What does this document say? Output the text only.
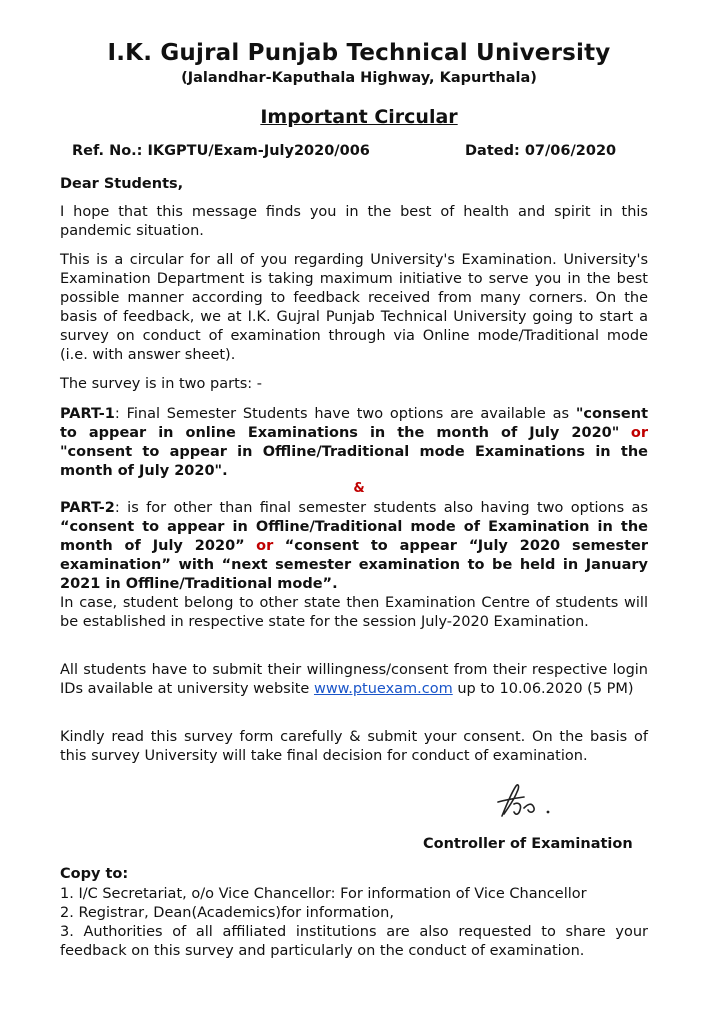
I.K. Gujral Punjab Technical University
(Jalandhar-Kaputhala Highway, Kapurthala)
Important Circular
Ref. No.: IKGPTU/Exam-July2020/006	Dated: 07/06/2020
Dear Students,
I hope that this message finds you in the best of health and spirit in this pandemic situation.
This is a circular for all of you regarding University's Examination. University's Examination Department is taking maximum initiative to serve you in the best possible manner according to feedback received from many corners. On the basis of feedback, we at I.K. Gujral Punjab Technical University going to start a survey on conduct of examination through via Online mode/Traditional mode (i.e. with answer sheet).
The survey is in two parts: -
PART-1: Final Semester Students have two options are available as "consent to appear in online Examinations in the month of July 2020" or "consent to appear in Offline/Traditional mode Examinations in the month of July 2020".
&
PART-2: is for other than final semester students also having two options as “consent to appear in Offline/Traditional mode of Examination in the month of July 2020” or “consent to appear “July 2020 semester examination” with “next semester examination to be held in January 2021 in Offline/Traditional mode”.
In case, student belong to other state then Examination Centre of students will be established in respective state for the session July-2020 Examination.
All students have to submit their willingness/consent from their respective login IDs available at university website www.ptuexam.com up to 10.06.2020 (5 PM)
Kindly read this survey form carefully & submit your consent. On the basis of this survey University will take final decision for conduct of examination.
Controller of Examination
Copy to:
1. I/C Secretariat, o/o Vice Chancellor: For information of Vice Chancellor
2. Registrar, Dean(Academics)for information,
3. Authorities of all affiliated institutions are also requested to share your feedback on this survey and particularly on the conduct of examination.
